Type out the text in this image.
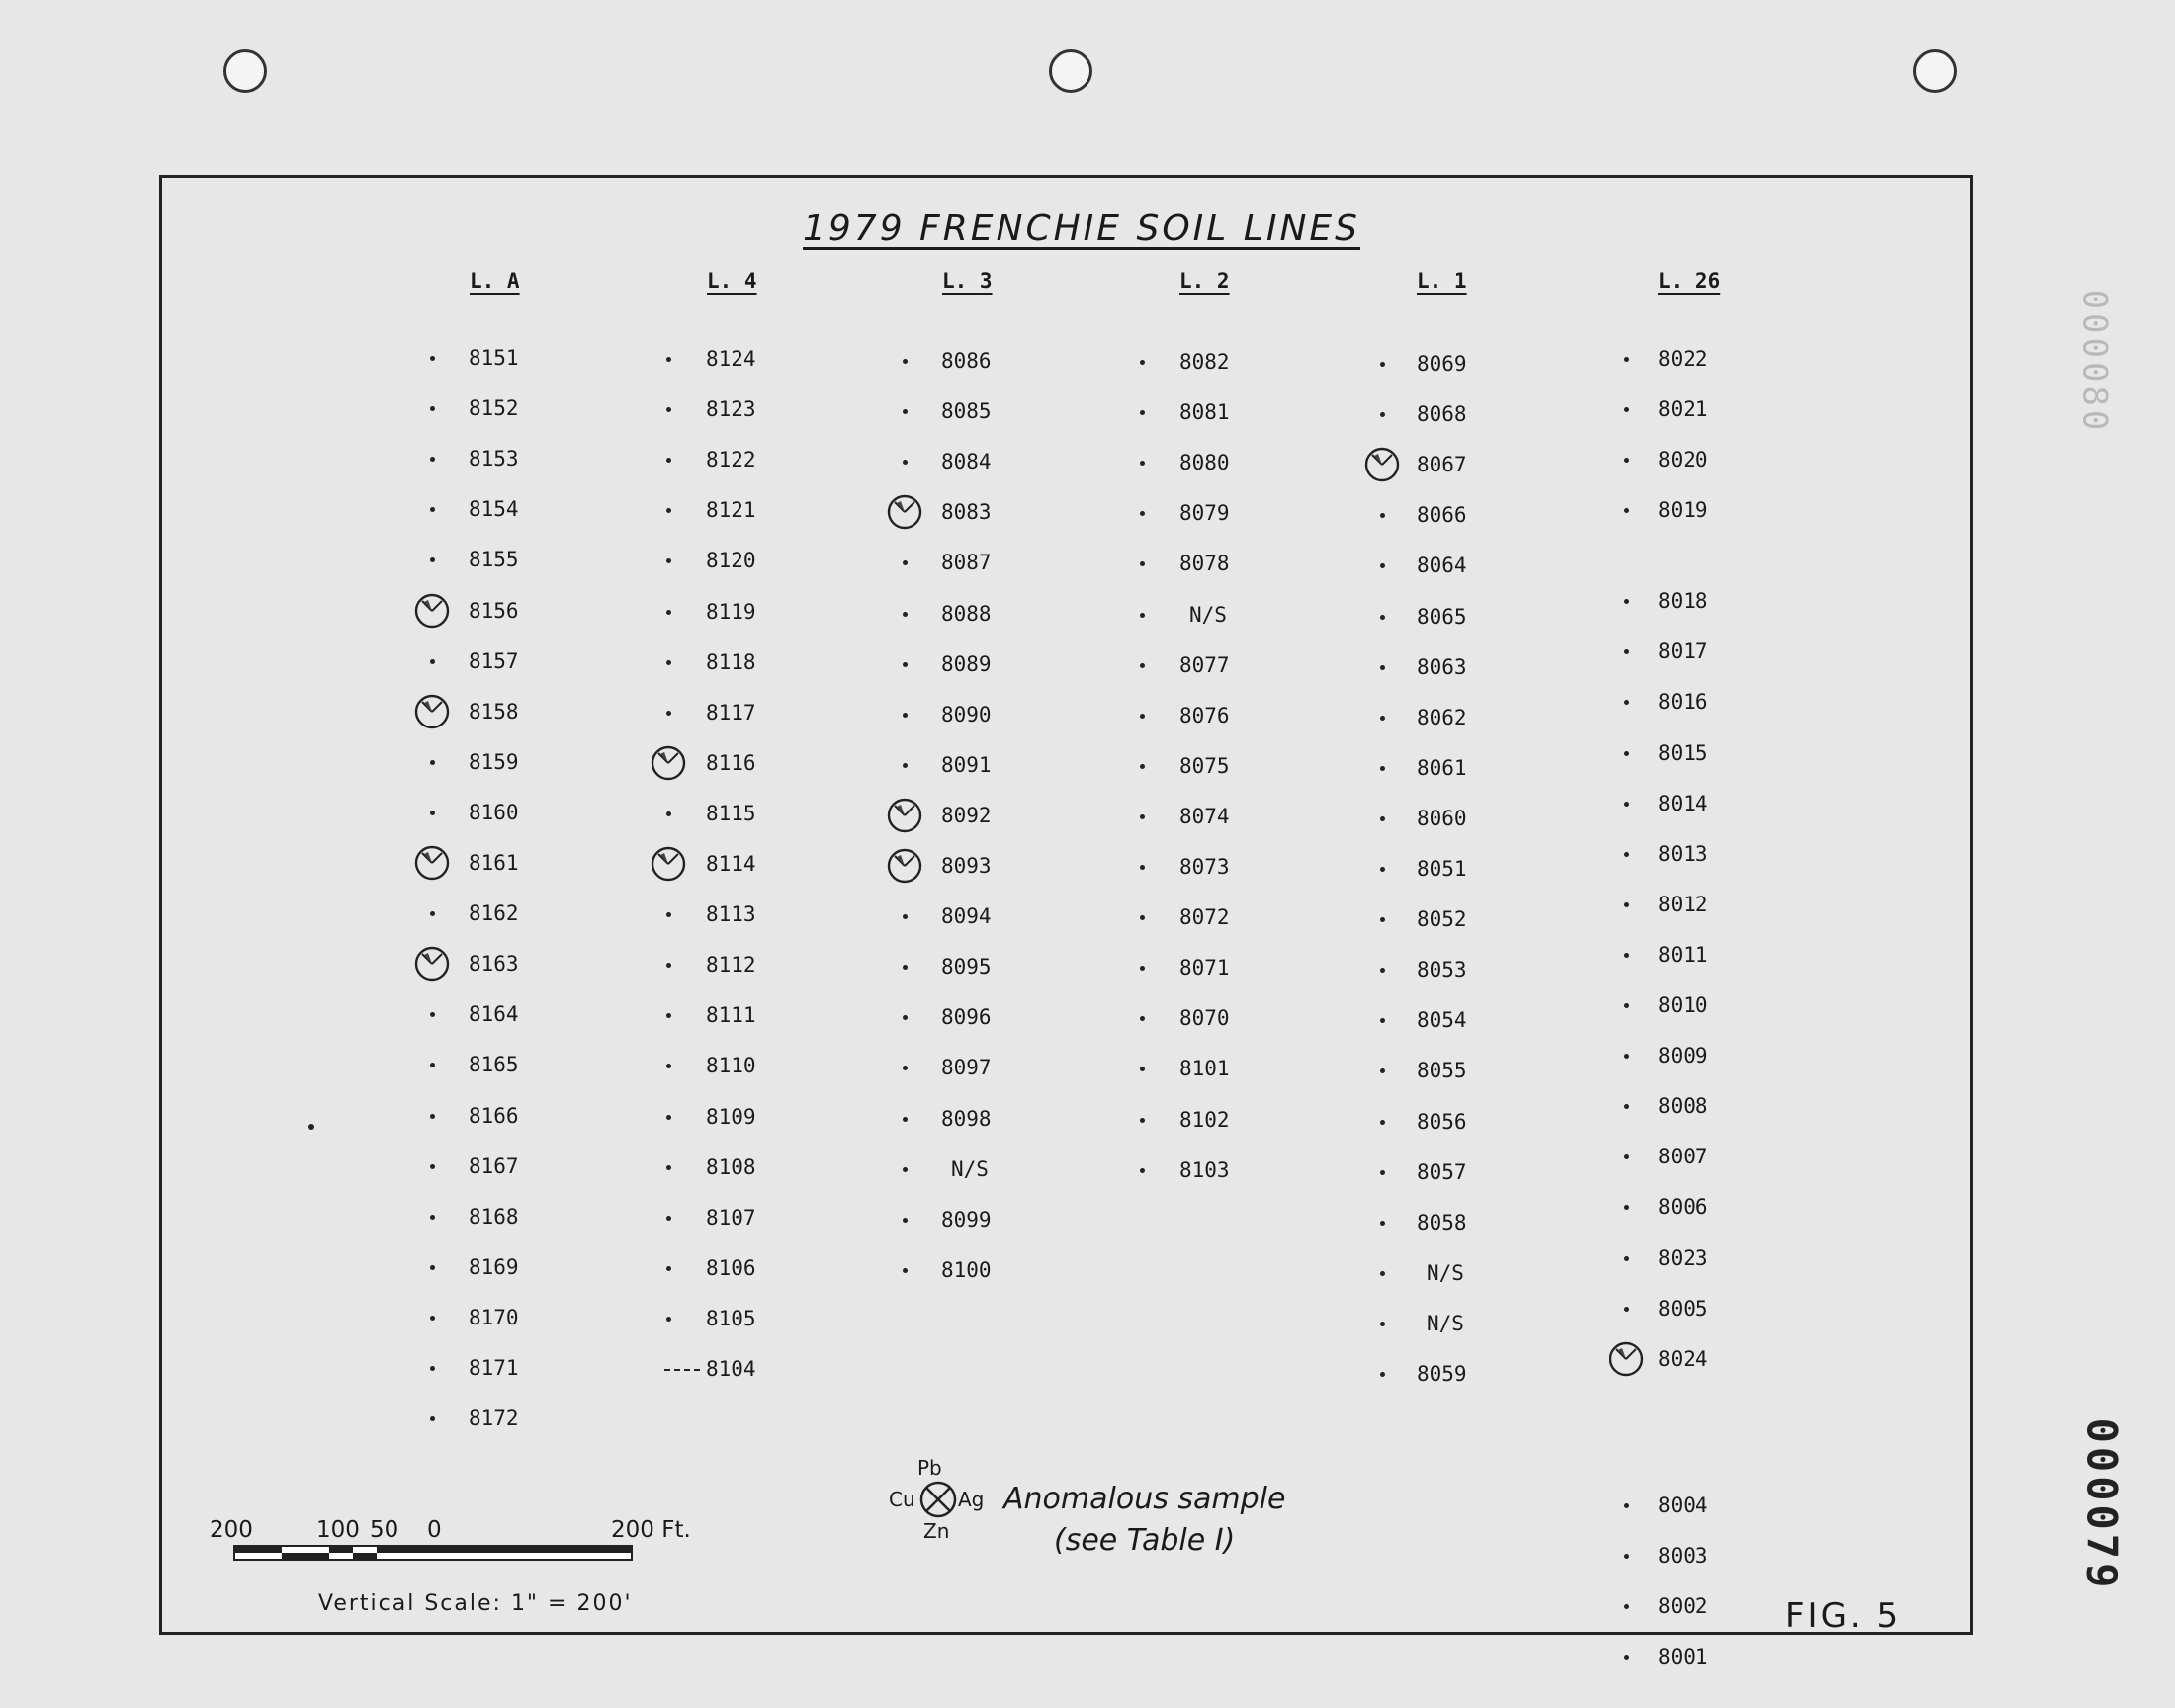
000080
000079
1979 FRENCHIE SOIL LINES
L. A
8151
8152
8153
8154
8155
8156
8157
8158
8159
8160
8161
8162
8163
8164
8165
8166
8167
8168
8169
8170
8171
8172
L. 4
8124
8123
8122
8121
8120
8119
8118
8117
8116
8115
8114
8113
8112
8111
8110
8109
8108
8107
8106
8105
8104
L. 3
8086
8085
8084
8083
8087
8088
8089
8090
8091
8092
8093
8094
8095
8096
8097
8098
N/S
8099
8100
L. 2
8082
8081
8080
8079
8078
N/S
8077
8076
8075
8074
8073
8072
8071
8070
8101
8102
8103
L. 1
8069
8068
8067
8066
8064
8065
8063
8062
8061
8060
8051
8052
8053
8054
8055
8056
8057
8058
N/S
N/S
8059
L. 26
8022
8021
8020
8019
8018
8017
8016
8015
8014
8013
8012
8011
8010
8009
8008
8007
8006
8023
8005
8024
8004
8003
8002
8001
200	100 50 0	200 Ft.
Vertical Scale: 1" = 200'
Pb
Cu Ag
Zn
Anomalous sample
(see Table I)
FIG. 5
